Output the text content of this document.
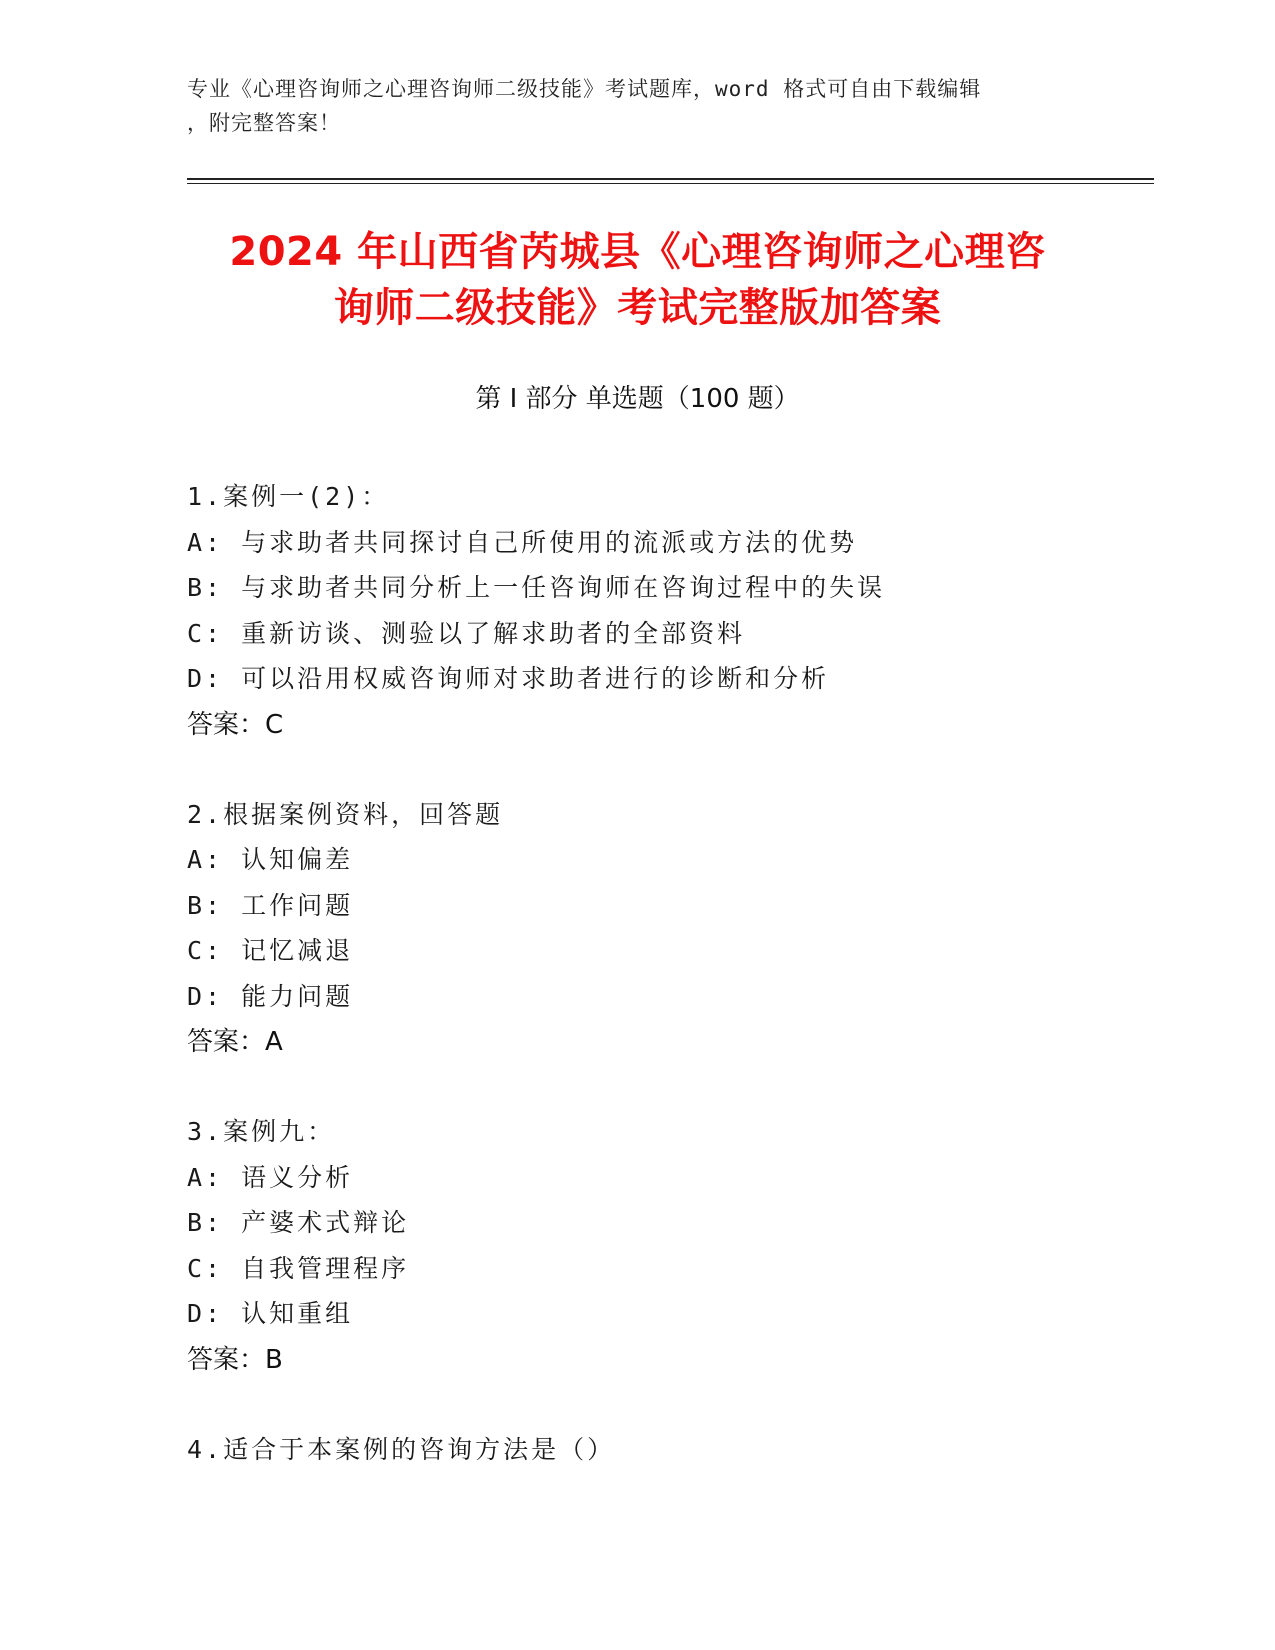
专业《心理咨询师之心理咨询师二级技能》考试题库，word 格式可自由下载编辑
，附完整答案！
2024 年山西省芮城县《心理咨询师之心理咨
询师二级技能》考试完整版加答案
第 I 部分 单选题（100 题）
1.案例一(2)：
A: 与求助者共同探讨自己所使用的流派或方法的优势
B: 与求助者共同分析上一任咨询师在咨询过程中的失误
C: 重新访谈、测验以了解求助者的全部资料
D: 可以沿用权威咨询师对求助者进行的诊断和分析
答案：C
2.根据案例资料，回答题
A: 认知偏差
B: 工作问题
C: 记忆减退
D: 能力问题
答案：A
3.案例九：
A: 语义分析
B: 产婆术式辩论
C: 自我管理程序
D: 认知重组
答案：B
4.适合于本案例的咨询方法是（）
